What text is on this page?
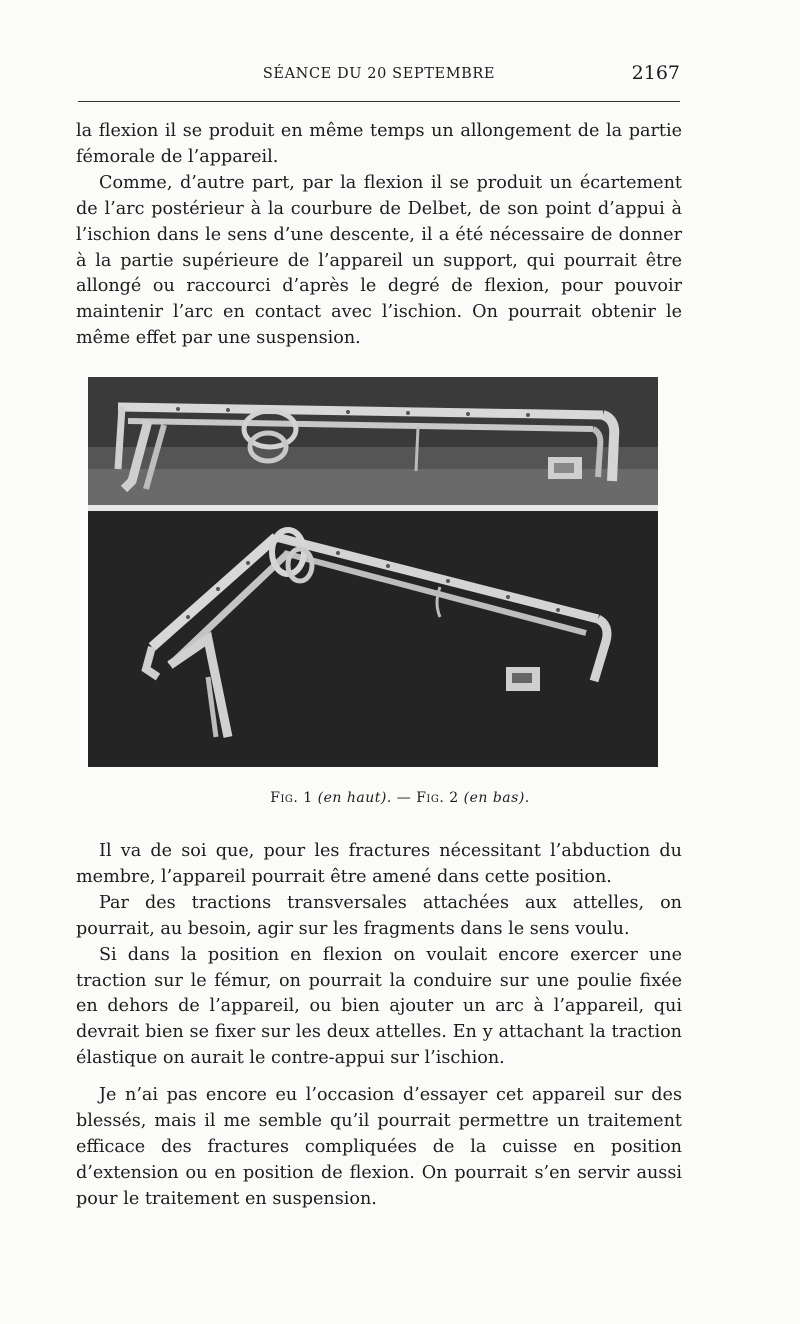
SÉANCE DU 20 SEPTEMBRE	2167

la flexion il se produit en même temps un allongement de la partie fémorale de l’appareil.

Comme, d’autre part, par la flexion il se produit un écartement de l’arc postérieur à la courbure de Delbet, de son point d’appui à l’ischion dans le sens d’une descente, il a été nécessaire de donner à la partie supérieure de l’appareil un support, qui pourrait être allongé ou raccourci d’après le degré de flexion, pour pouvoir maintenir l’arc en contact avec l’ischion. On pourrait obtenir le même effet par une suspension.

Fig. 1 (en haut). — Fig. 2 (en bas).

Il va de soi que, pour les fractures nécessitant l’abduction du membre, l’appareil pourrait être amené dans cette position.

Par des tractions transversales attachées aux attelles, on pourrait, au besoin, agir sur les fragments dans le sens voulu.

Si dans la position en flexion on voulait encore exercer une traction sur le fémur, on pourrait la conduire sur une poulie fixée en dehors de l’appareil, ou bien ajouter un arc à l’appareil, qui devrait bien se fixer sur les deux attelles. En y attachant la traction élastique on aurait le contre-appui sur l’ischion.

Je n’ai pas encore eu l’occasion d’essayer cet appareil sur des blessés, mais il me semble qu’il pourrait permettre un traitement efficace des fractures compliquées de la cuisse en position d’extension ou en position de flexion. On pourrait s’en servir aussi pour le traitement en suspension.
